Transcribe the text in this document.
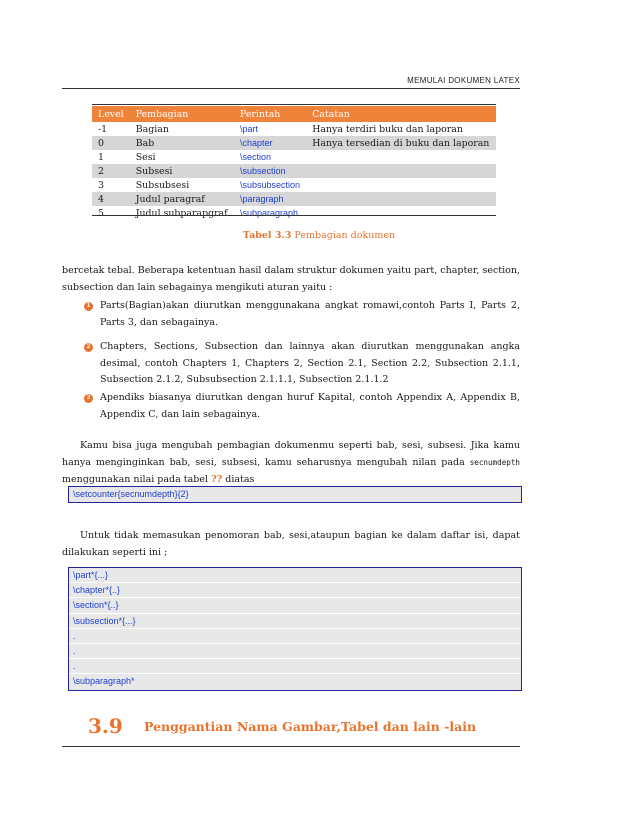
MEMULAI DOKUMEN LATEX
Level	Pembagian	Perintah	Catatan
-1	Bagian	\part	Hanya terdiri buku dan laporan
0	Bab	\chapter	Hanya tersedian di buku dan laporan
1	Sesi	\section	
2	Subsesi	\subsection	
3	Subsubsesi	\subsubsection	
4	Judul paragraf	\paragraph	
5	Judul subparapgraf	\subparagraph	
Tabel 3.3 Pembagian dokumen
bercetak tebal. Beberapa ketentuan hasil dalam struktur dokumen yaitu part, chapter, section, subsection dan lain sebagainya mengikuti aturan yaitu :
1	Parts(Bagian)akan diurutkan menggunakana angkat romawi,contoh Parts I, Parts 2, Parts 3, dan sebagainya.
2	Chapters, Sections, Subsection dan lainnya akan diurutkan menggunakan angka desimal, contoh Chapters 1, Chapters 2, Section 2.1, Section 2.2, Subsection 2.1.1, Subsection 2.1.2, Subsubsection 2.1.1.1, Subsection 2.1.1.2
3	Apendiks biasanya diurutkan dengan huruf Kapital, contoh Appendix A, Appendix B, Appendix C, dan lain sebagainya.
Kamu bisa juga mengubah pembagian dokumenmu seperti bab, sesi, subsesi. Jika kamu hanya menginginkan bab, sesi, subsesi, kamu seharusnya mengubah nilan pada secnumdepth menggunakan nilai pada tabel ?? diatas
\setcounter{secnumdepth}{2}
Untuk tidak memasukan penomoran bab, sesi,ataupun bagian ke dalam daftar isi, dapat dilakukan seperti ini ;
\part*{...}
\chapter*{..}
\section*{..}
\subsection*{...}
.
.
.
\subparagraph*
3.9 Penggantian Nama Gambar,Tabel dan lain -lain
